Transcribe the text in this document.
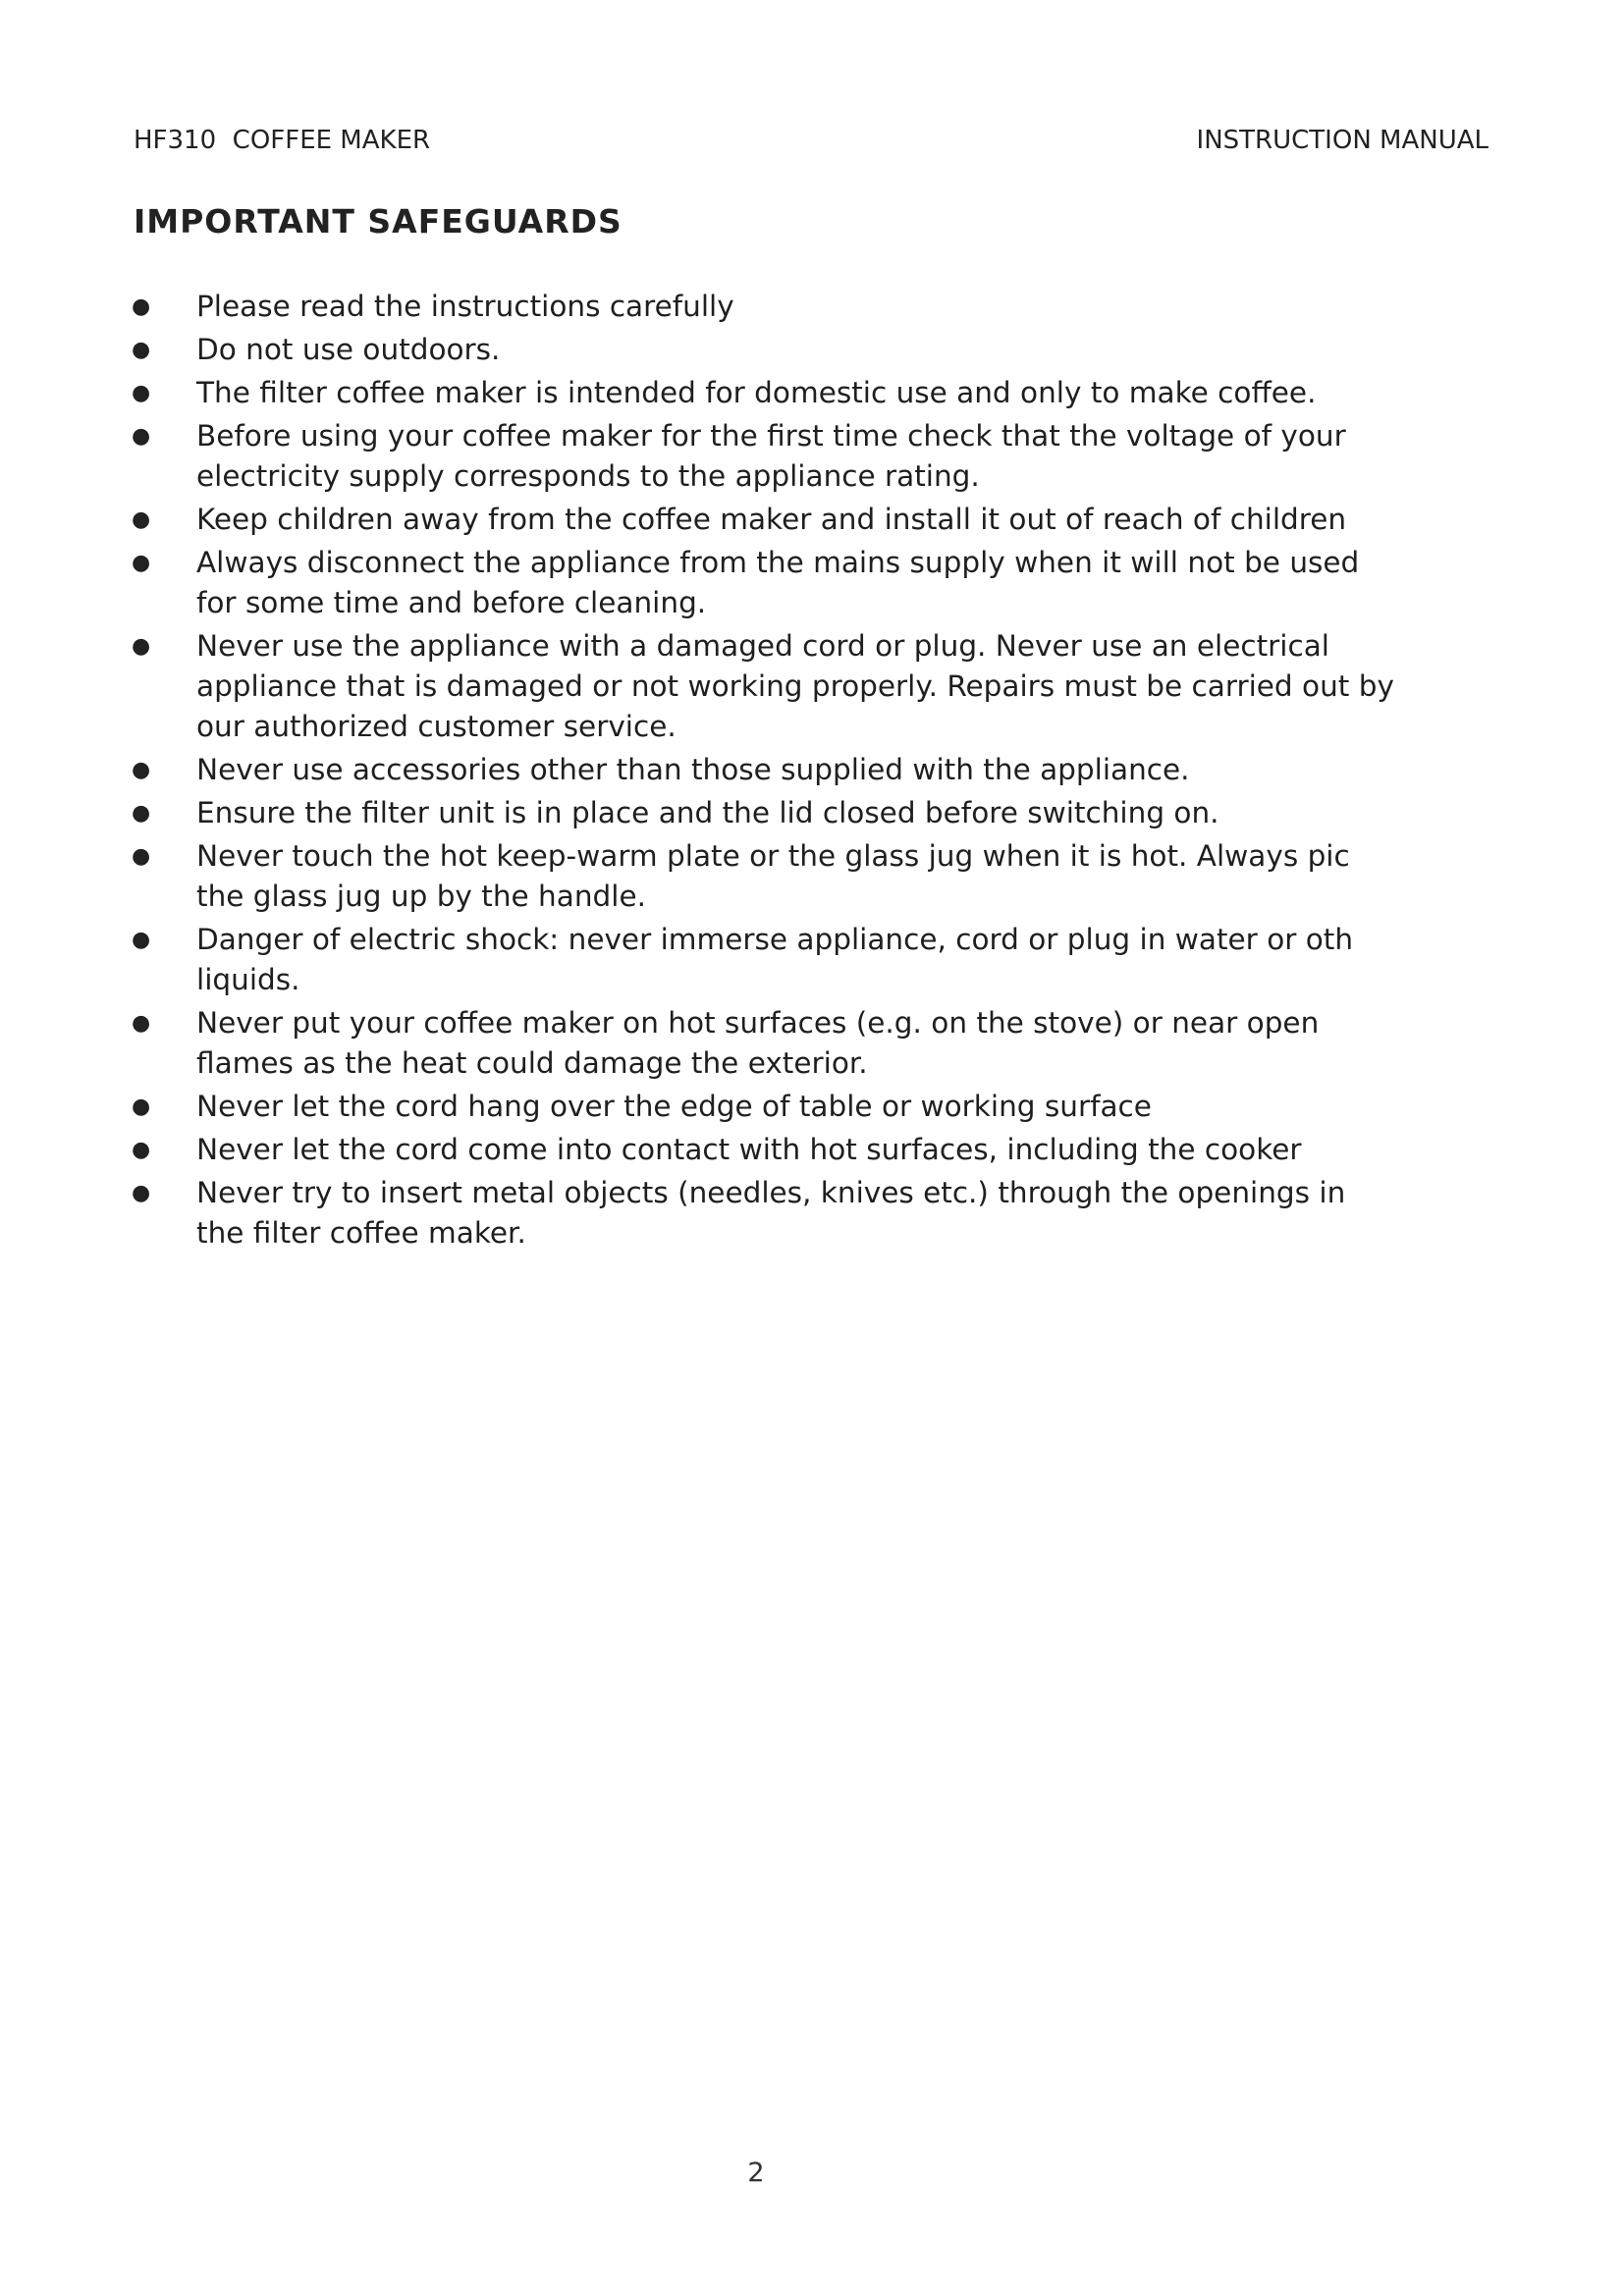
HF310  COFFEE MAKER	INSTRUCTION MANUAL
IMPORTANT SAFEGUARDS
● Please read the instructions carefully
● Do not use outdoors.
● The filter coffee maker is intended for domestic use and only to make coffee.
● Before using your coffee maker for the first time check that the voltage of your electricity supply corresponds to the appliance rating.
● Keep children away from the coffee maker and install it out of reach of children
● Always disconnect the appliance from the mains supply when it will not be used for some time and before cleaning.
● Never use the appliance with a damaged cord or plug. Never use an electrical appliance that is damaged or not working properly. Repairs must be carried out by our authorized customer service.
● Never use accessories other than those supplied with the appliance.
● Ensure the filter unit is in place and the lid closed before switching on.
● Never touch the hot keep-warm plate or the glass jug when it is hot. Always pic the glass jug up by the handle.
● Danger of electric shock: never immerse appliance, cord or plug in water or oth liquids.
● Never put your coffee maker on hot surfaces (e.g. on the stove) or near open flames as the heat could damage the exterior.
● Never let the cord hang over the edge of table or working surface
● Never let the cord come into contact with hot surfaces, including the cooker
● Never try to insert metal objects (needles, knives etc.) through the openings in the filter coffee maker.
2
